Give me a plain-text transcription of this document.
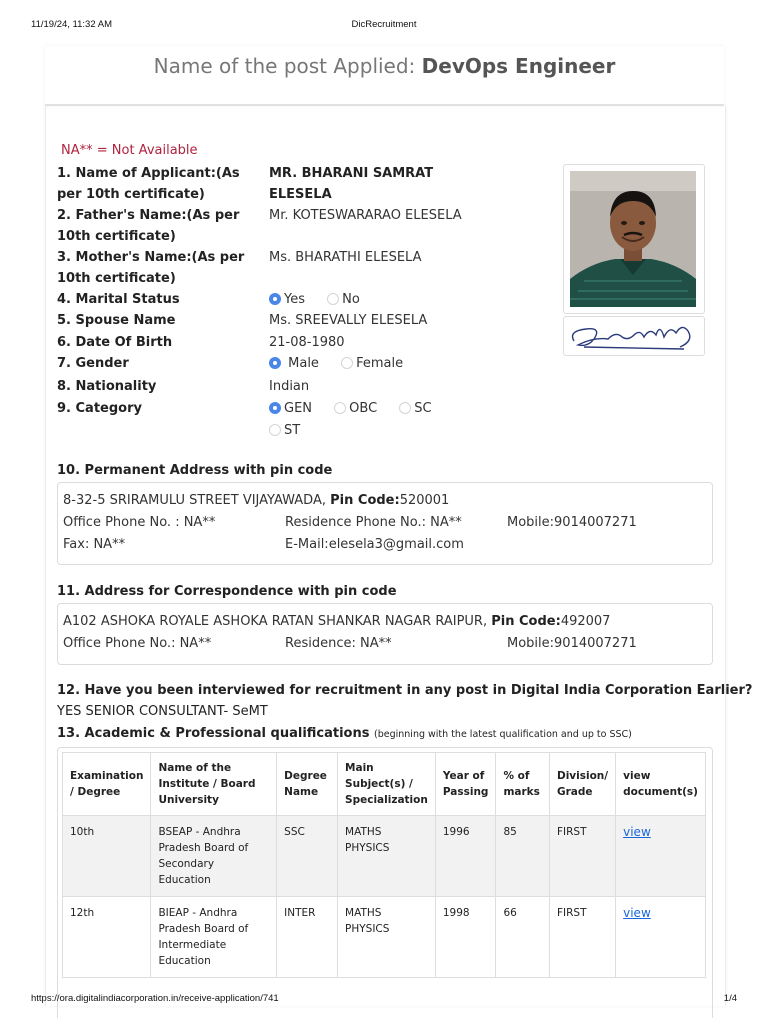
11/19/24, 11:32 AM	DicRecruitment
Name of the post Applied: DevOps Engineer
NA** = Not Available
1. Name of Applicant:(As per 10th certificate)
MR. BHARANI SAMRAT ELESELA
2. Father's Name:(As per 10th certificate)
Mr. KOTESWARARAO ELESELA
3. Mother's Name:(As per 10th certificate)
Ms. BHARATHI ELESELA
4. Marital Status	Yes	No
5. Spouse Name	Ms. SREEVALLY ELESELA
6. Date Of Birth	21-08-1980
7. Gender	Male	Female
8. Nationality	Indian
9. Category	GEN	OBC	SC
ST
10. Permanent Address with pin code
8-32-5 SRIRAMULU STREET VIJAYAWADA, Pin Code:520001
Office Phone No. : NA**	Residence Phone No.: NA**	Mobile:9014007271
Fax: NA**	E-Mail:elesela3@gmail.com
11. Address for Correspondence with pin code
A102 ASHOKA ROYALE ASHOKA RATAN SHANKAR NAGAR RAIPUR, Pin Code:492007
Office Phone No.: NA**	Residence: NA**	Mobile:9014007271
12. Have you been interviewed for recruitment in any post in Digital India Corporation Earlier?
YES SENIOR CONSULTANT- SeMT
13. Academic & Professional qualifications (beginning with the latest qualification and up to SSC)
Examination / Degree	Name of the Institute / Board University	Degree Name	Main Subject(s) / Specialization	Year of Passing	% of marks	Division/ Grade	view document(s)
10th	BSEAP - Andhra Pradesh Board of Secondary Education	SSC	MATHS PHYSICS	1996	85	FIRST	view
12th	BIEAP - Andhra Pradesh Board of Intermediate Education	INTER	MATHS PHYSICS	1998	66	FIRST	view
https://ora.digitalindiacorporation.in/receive-application/741	1/4
